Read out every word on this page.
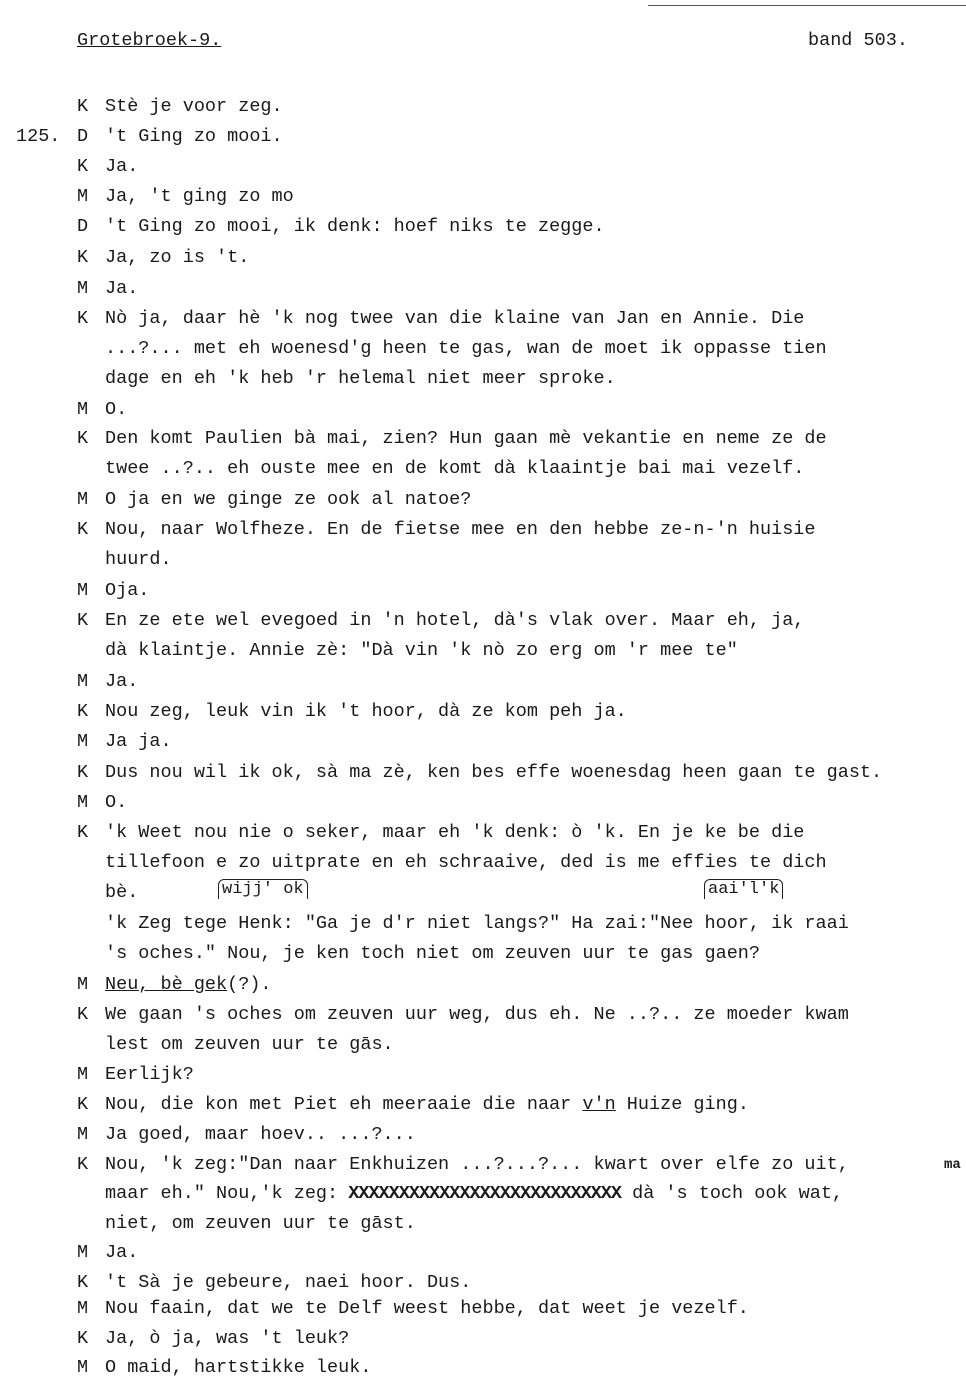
Grotebroek-9.	band 503.
K Stè je voor zeg.
D 't Ging zo mooi.
K Ja.
M Ja, 't ging zo mo
D 't Ging zo mooi, ik denk: hoef niks te zegge.
K Ja, zo is 't.
M Ja.
K Nò ja, daar hè 'k nog twee van die klaine van Jan en Annie. Die
...?... met eh woenesd'g heen te gas, wan de moet ik oppasse tien
dage en eh 'k heb 'r helemal niet meer sproke.
M O.
K Den komt Paulien bà mai, zien? Hun gaan mè vekantie en neme ze de
twee ..?.. eh ouste mee en de komt dà klaaintje bai mai vezelf.
M O ja en we ginge ze ook al natoe?
K Nou, naar Wolfheze. En de fietse mee en den hebbe ze-n-'n huisie
huurd.
M Oja.
K En ze ete wel evegoed in 'n hotel, dà's vlak over. Maar eh, ja,
dà klaintje. Annie zè: "Dà vin 'k nò zo erg om 'r mee te"
M Ja.
K Nou zeg, leuk vin ik 't hoor, dà ze kom peh ja.
M Ja ja.
K Dus nou wil ik ok, sà ma zè, ken bes effe woenesdag heen gaan te gast.
M O.
K 'k Weet nou nie o seker, maar eh 'k denk: ò 'k. En je ke be die
tillefoon e zo uitprate en eh schraaive, ded is me effies te dich
bè.
'k Zeg tege Henk: "Ga je d'r niet langs?" Ha zai:"Nee hoor, ik raai
's oches." Nou, je ken toch niet om zeuven uur te gas gaen?
M Neu, bè gek(?).
K We gaan 's oches om zeuven uur weg, dus eh. Ne ..?.. ze moeder kwam
lest om zeuven uur te gās.
M Eerlijk?
K Nou, die kon met Piet eh meeraaie die naar v'n Huize ging.
M Ja goed, maar hoev.. ...?...
K Nou, 'k zeg:"Dan naar Enkhuizen ...?...?... kwart over elfe zo uit,
maar eh." Nou,'k zeg: XXXXXXXXXXXXXXXXXXXXXXXXXXX dà 's toch ook wat,
niet, om zeuven uur te gāst.
M Ja.
K 't Sà je gebeure, naei hoor. Dus.
M Nou faain, dat we te Delf weest hebbe, dat weet je vezelf.
K Ja, ò ja, was 't leuk?
M O maid, hartstikke leuk.
125.
wijj' ok	aai'l'k
ma
